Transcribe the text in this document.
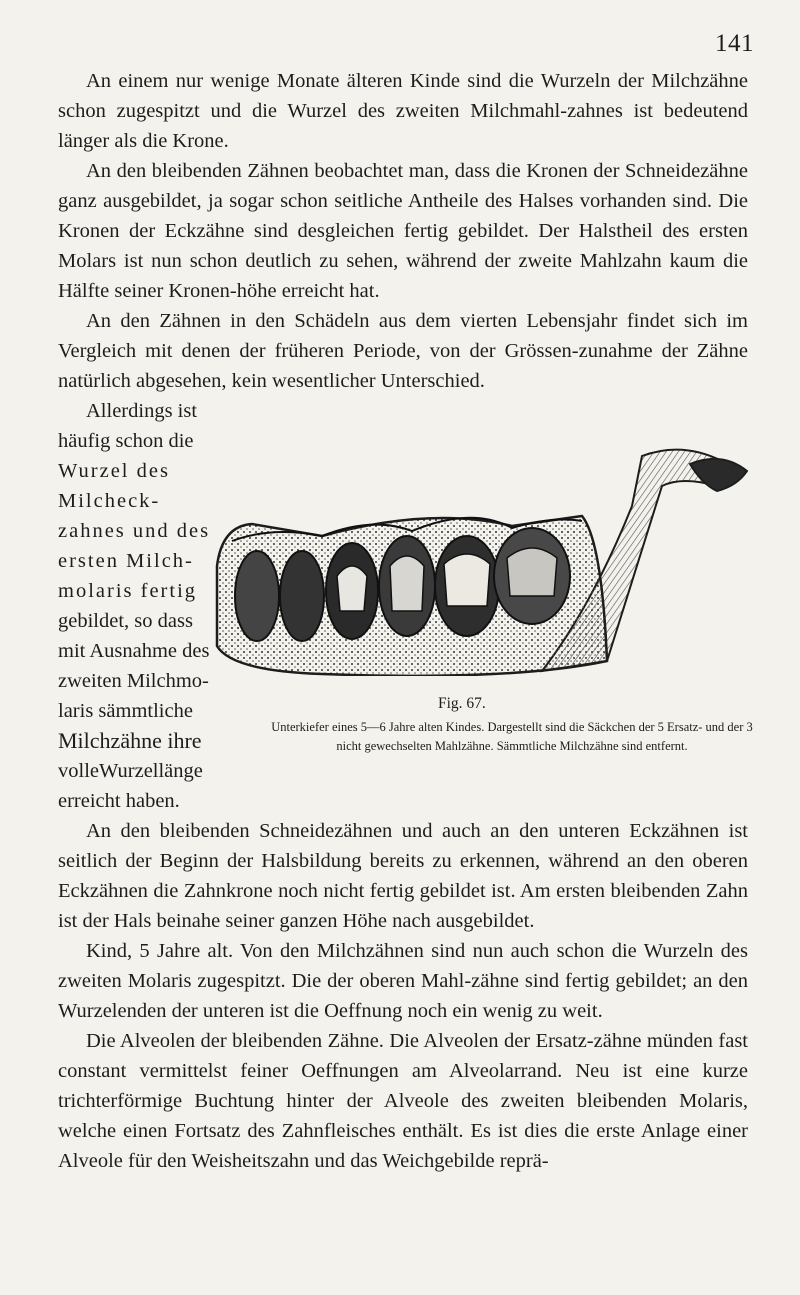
141

An einem nur wenige Monate älteren Kinde sind die Wurzeln der Milchzähne schon zugespitzt und die Wurzel des zweiten Milchmahl-zahnes ist bedeutend länger als die Krone.

An den bleibenden Zähnen beobachtet man, dass die Kronen der Schneidezähne ganz ausgebildet, ja sogar schon seitliche Antheile des Halses vorhanden sind. Die Kronen der Eckzähne sind desgleichen fertig gebildet. Der Halstheil des ersten Molars ist nun schon deutlich zu sehen, während der zweite Mahlzahn kaum die Hälfte seiner Kronen-höhe erreicht hat.

An den Zähnen in den Schädeln aus dem vierten Lebensjahr findet sich im Vergleich mit denen der früheren Periode, von der Grössen-zunahme der Zähne natürlich abgesehen, kein wesentlicher Unterschied.

Allerdings ist
häufig schon die
Wurzel des
Milcheck-
zahnes und des
ersten Milch-
molaris fertig
gebildet, so dass
mit Ausnahme des
zweiten Milchmo-
laris sämmtliche
Milchzähne ihre
volleWurzellänge
erreicht haben.
Fig. 67.
Unterkiefer eines 5—6 Jahre alten Kindes. Dargestellt sind die Säckchen der 5 Ersatz- und der 3 nicht gewechselten Mahlzähne. Sämmtliche Milchzähne sind entfernt.

An den bleibenden Schneidezähnen und auch an den unteren Eckzähnen ist seitlich der Beginn der Halsbildung bereits zu erkennen, während an den oberen Eckzähnen die Zahnkrone noch nicht fertig gebildet ist. Am ersten bleibenden Zahn ist der Hals beinahe seiner ganzen Höhe nach ausgebildet.

Kind, 5 Jahre alt. Von den Milchzähnen sind nun auch schon die Wurzeln des zweiten Molaris zugespitzt. Die der oberen Mahl-zähne sind fertig gebildet; an den Wurzelenden der unteren ist die Oeffnung noch ein wenig zu weit.

Die Alveolen der bleibenden Zähne. Die Alveolen der Ersatz-zähne münden fast constant vermittelst feiner Oeffnungen am Alveolarrand. Neu ist eine kurze trichterförmige Buchtung hinter der Alveole des zweiten bleibenden Molaris, welche einen Fortsatz des Zahnfleisches enthält. Es ist dies die erste Anlage einer Alveole für den Weisheitszahn und das Weichgebilde reprä-
